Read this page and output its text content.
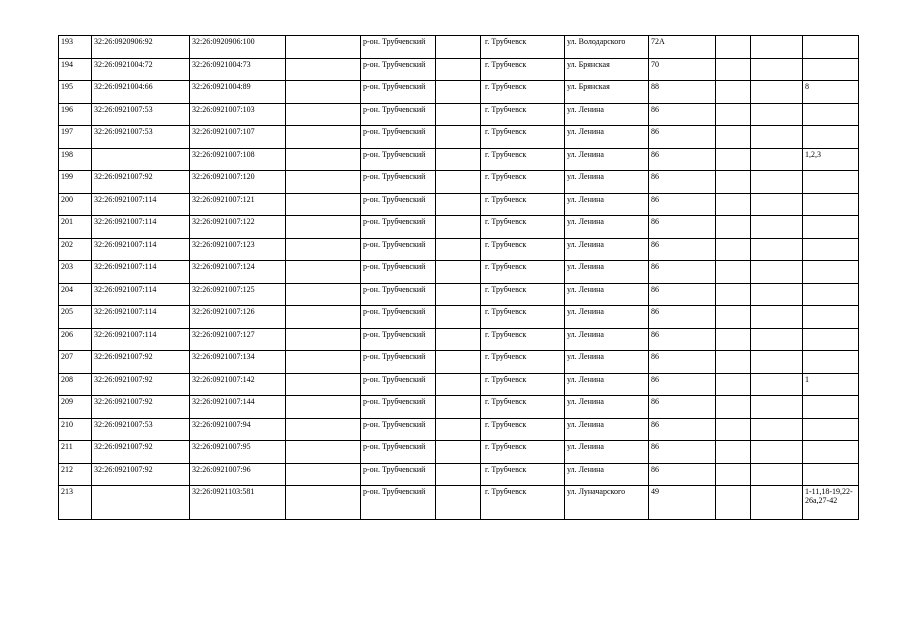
193	32:26:0920906:92	32:26:0920906:100		р-он. Трубчевский		г. Трубчевск	ул. Володарского	72А			
194	32:26:0921004:72	32:26:0921004:73		р-он. Трубчевский		г. Трубчевск	ул. Брянская	70			
195	32:26:0921004:66	32:26:0921004:89		р-он. Трубчевский		г. Трубчевск	ул. Брянская	88			8
196	32:26:0921007:53	32:26:0921007:103		р-он. Трубчевский		г. Трубчевск	ул. Ленина	86			
197	32:26:0921007:53	32:26:0921007:107		р-он. Трубчевский		г. Трубчевск	ул. Ленина	86			
198		32:26:0921007:108		р-он. Трубчевский		г. Трубчевск	ул. Ленина	86			1,2,3
199	32:26:0921007:92	32:26:0921007:120		р-он. Трубчевский		г. Трубчевск	ул. Ленина	86			
200	32:26:0921007:114	32:26:0921007:121		р-он. Трубчевский		г. Трубчевск	ул. Ленина	86			
201	32:26:0921007:114	32:26:0921007:122		р-он. Трубчевский		г. Трубчевск	ул. Ленина	86			
202	32:26:0921007:114	32:26:0921007:123		р-он. Трубчевский		г. Трубчевск	ул. Ленина	86			
203	32:26:0921007:114	32:26:0921007:124		р-он. Трубчевский		г. Трубчевск	ул. Ленина	86			
204	32:26:0921007:114	32:26:0921007:125		р-он. Трубчевский		г. Трубчевск	ул. Ленина	86			
205	32:26:0921007:114	32:26:0921007:126		р-он. Трубчевский		г. Трубчевск	ул. Ленина	86			
206	32:26:0921007:114	32:26:0921007:127		р-он. Трубчевский		г. Трубчевск	ул. Ленина	86			
207	32:26:0921007:92	32:26:0921007:134		р-он. Трубчевский		г. Трубчевск	ул. Ленина	86			
208	32:26:0921007:92	32:26:0921007:142		р-он. Трубчевский		г. Трубчевск	ул. Ленина	86			1
209	32:26:0921007:92	32:26:0921007:144		р-он. Трубчевский		г. Трубчевск	ул. Ленина	86			
210	32:26:0921007:53	32:26:0921007:94		р-он. Трубчевский		г. Трубчевск	ул. Ленина	86			
211	32:26:0921007:92	32:26:0921007:95		р-он. Трубчевский		г. Трубчевск	ул. Ленина	86			
212	32:26:0921007:92	32:26:0921007:96		р-он. Трубчевский		г. Трубчевск	ул. Ленина	86			
213		32:26:0921103:581		р-он. Трубчевский		г. Трубчевск	ул. Луначарского	49			1-11,18-19,22-26а,27-42
